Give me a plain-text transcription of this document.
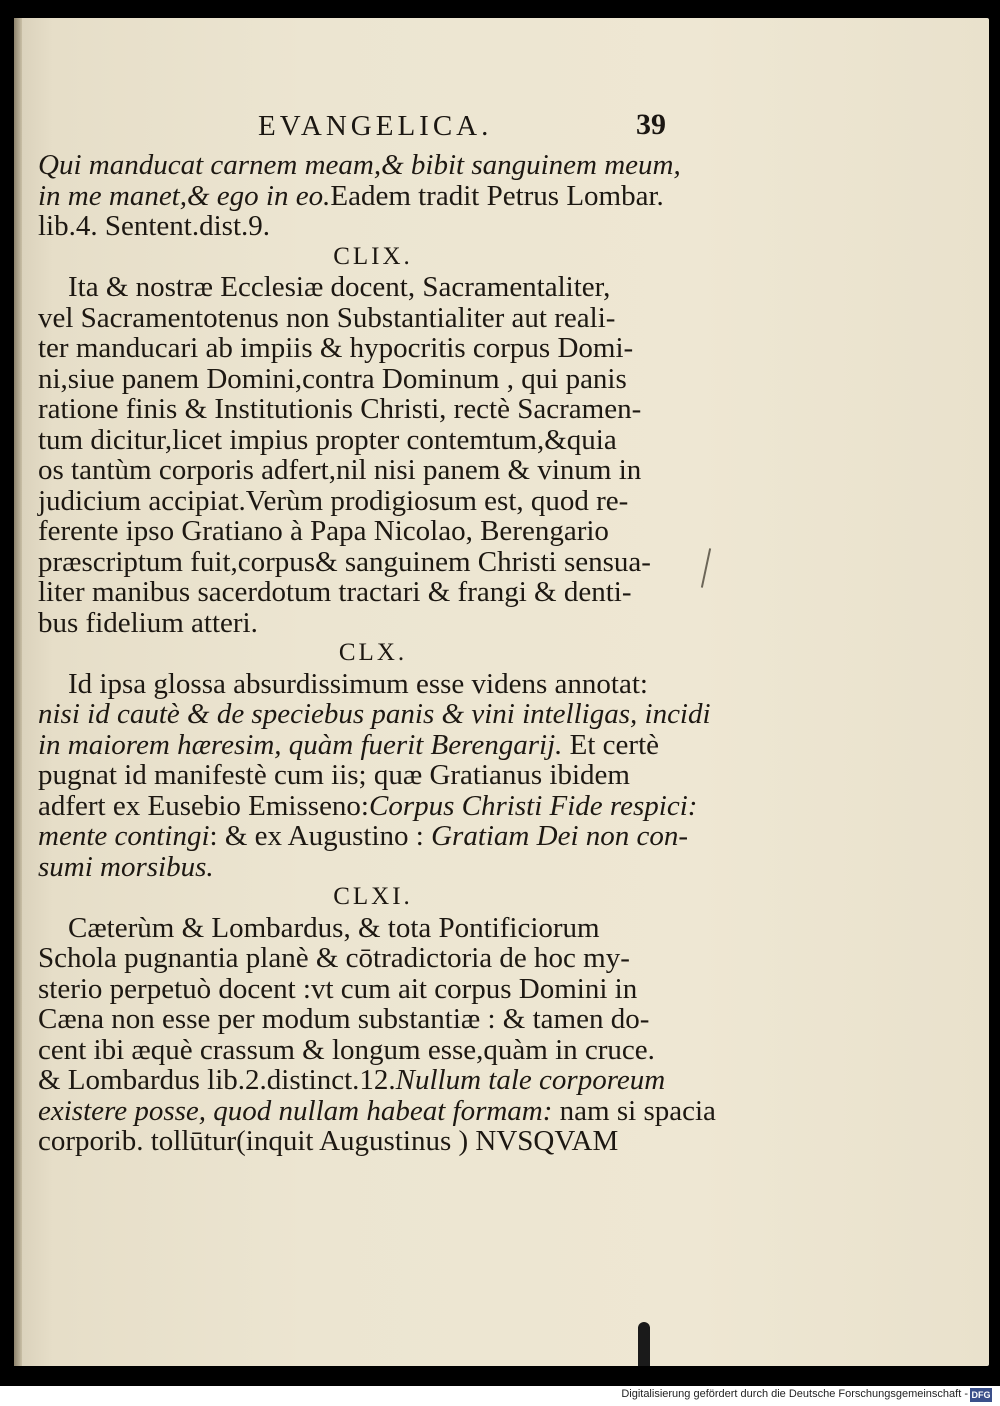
EVANGELICA.	39
Qui manducat carnem meam,& bibit sanguinem meum,
in me manet,& ego in eo.Eadem tradit Petrus Lombar.
lib.4. Sentent.dist.9.
CLIX.
Ita & nostræ Ecclesiæ docent, Sacramentaliter,
vel Sacramentotenus non Substantialiter aut reali-
ter manducari ab impiis & hypocritis corpus Domi-
ni,siue panem Domini,contra Dominum , qui panis
ratione finis & Institutionis Christi, rectè Sacramen-
tum dicitur,licet impius propter contemtum,&quia
os tantùm corporis adfert,nil nisi panem & vinum in
judicium accipiat.Verùm prodigiosum est, quod re-
ferente ipso Gratiano à Papa Nicolao, Berengario
præscriptum fuit,corpus& sanguinem Christi sensua-
liter manibus sacerdotum tractari & frangi & denti-
bus fidelium atteri.
CLX.
Id ipsa glossa absurdissimum esse videns annotat:
nisi id cautè & de speciebus panis & vini intelligas, incidi
in maiorem hæresim, quàm fuerit Berengarij. Et certè
pugnat id manifestè cum iis; quæ Gratianus ibidem
adfert ex Eusebio Emisseno:Corpus Christi Fide respici:
mente contingi: & ex Augustino : Gratiam Dei non con-
sumi morsibus.
CLXI.
Cæterùm & Lombardus, & tota Pontificiorum
Schola pugnantia planè & cōtradictoria de hoc my-
sterio perpetuò docent :vt cum ait corpus Domini in
Cæna non esse per modum substantiæ : & tamen do-
cent ibi æquè crassum & longum esse,quàm in cruce.
& Lombardus lib.2.distinct.12.Nullum tale corporeum
existere posse, quod nullam habeat formam: nam si spacia
corporib. tollūtur(inquit Augustinus ) NVSQVAM
Digitalisierung gefördert durch die Deutsche Forschungsgemeinschaft - DFG
